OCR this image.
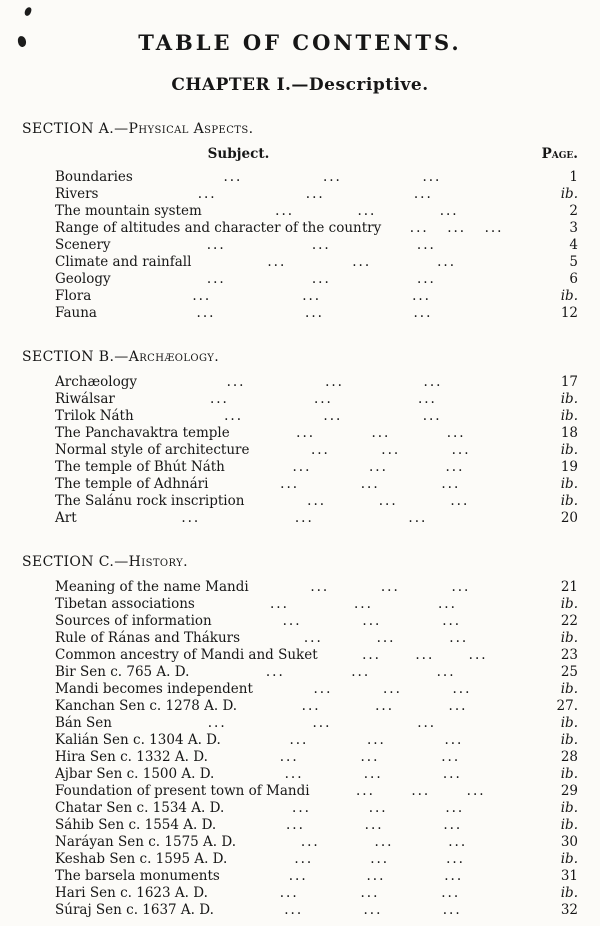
TABLE OF CONTENTS.
CHAPTER I.—Descriptive.
SECTION A.—Physical Aspects.
Subject.	Page.
Boundaries	...	...	...	1
Rivers	...	...	...	ib.
The mountain system	...	...	...	2
Range of altitudes and character of the country ... ... ...	3
Scenery	...	...	...	4
Climate and rainfall	...	...	...	5
Geology	...	...	...	6
Flora	...	...	...	ib.
Fauna	...	...	...	12
SECTION B.—Archæology.
Archæology	...	...	...	17
Riwálsar	...	...	...	ib.
Trilok Náth	...	...	...	ib.
The Panchavaktra temple	...	...	...	18
Normal style of architecture	...	...	...	ib.
The temple of Bhút Náth	...	...	...	19
The temple of Adhnári	...	...	...	ib.
The Salánu rock inscription	...	...	...	ib.
Art	...	...	...	20
SECTION C.—History.
Meaning of the name Mandi	...	...	...	21
Tibetan associations	...	...	...	ib.
Sources of information	...	...	...	22
Rule of Ránas and Thákurs	...	...	...	ib.
Common ancestry of Mandi and Suket	...	...	...	23
Bir Sen c. 765 A. D.	...	...	...	25
Mandi becomes independent	...	...	...	ib.
Kanchan Sen c. 1278 A. D.	...	...	...	27.
Bán Sen	...	...	...	ib.
Kalián Sen c. 1304 A. D.	...	...	...	ib.
Hira Sen c. 1332 A. D.	...	...	...	28
Ajbar Sen c. 1500 A. D.	...	...	...	ib.
Foundation of present town of Mandi	...	...	...	29
Chatar Sen c. 1534 A. D.	...	...	...	ib.
Sáhib Sen c. 1554 A. D.	...	...	...	ib.
Naráyan Sen c. 1575 A. D.	...	...	...	30
Keshab Sen c. 1595 A. D.	...	...	...	ib.
The barsela monuments	...	...	...	31
Hari Sen c. 1623 A. D.	...	...	...	ib.
Súraj Sen c. 1637 A. D.	...	...	...	32
